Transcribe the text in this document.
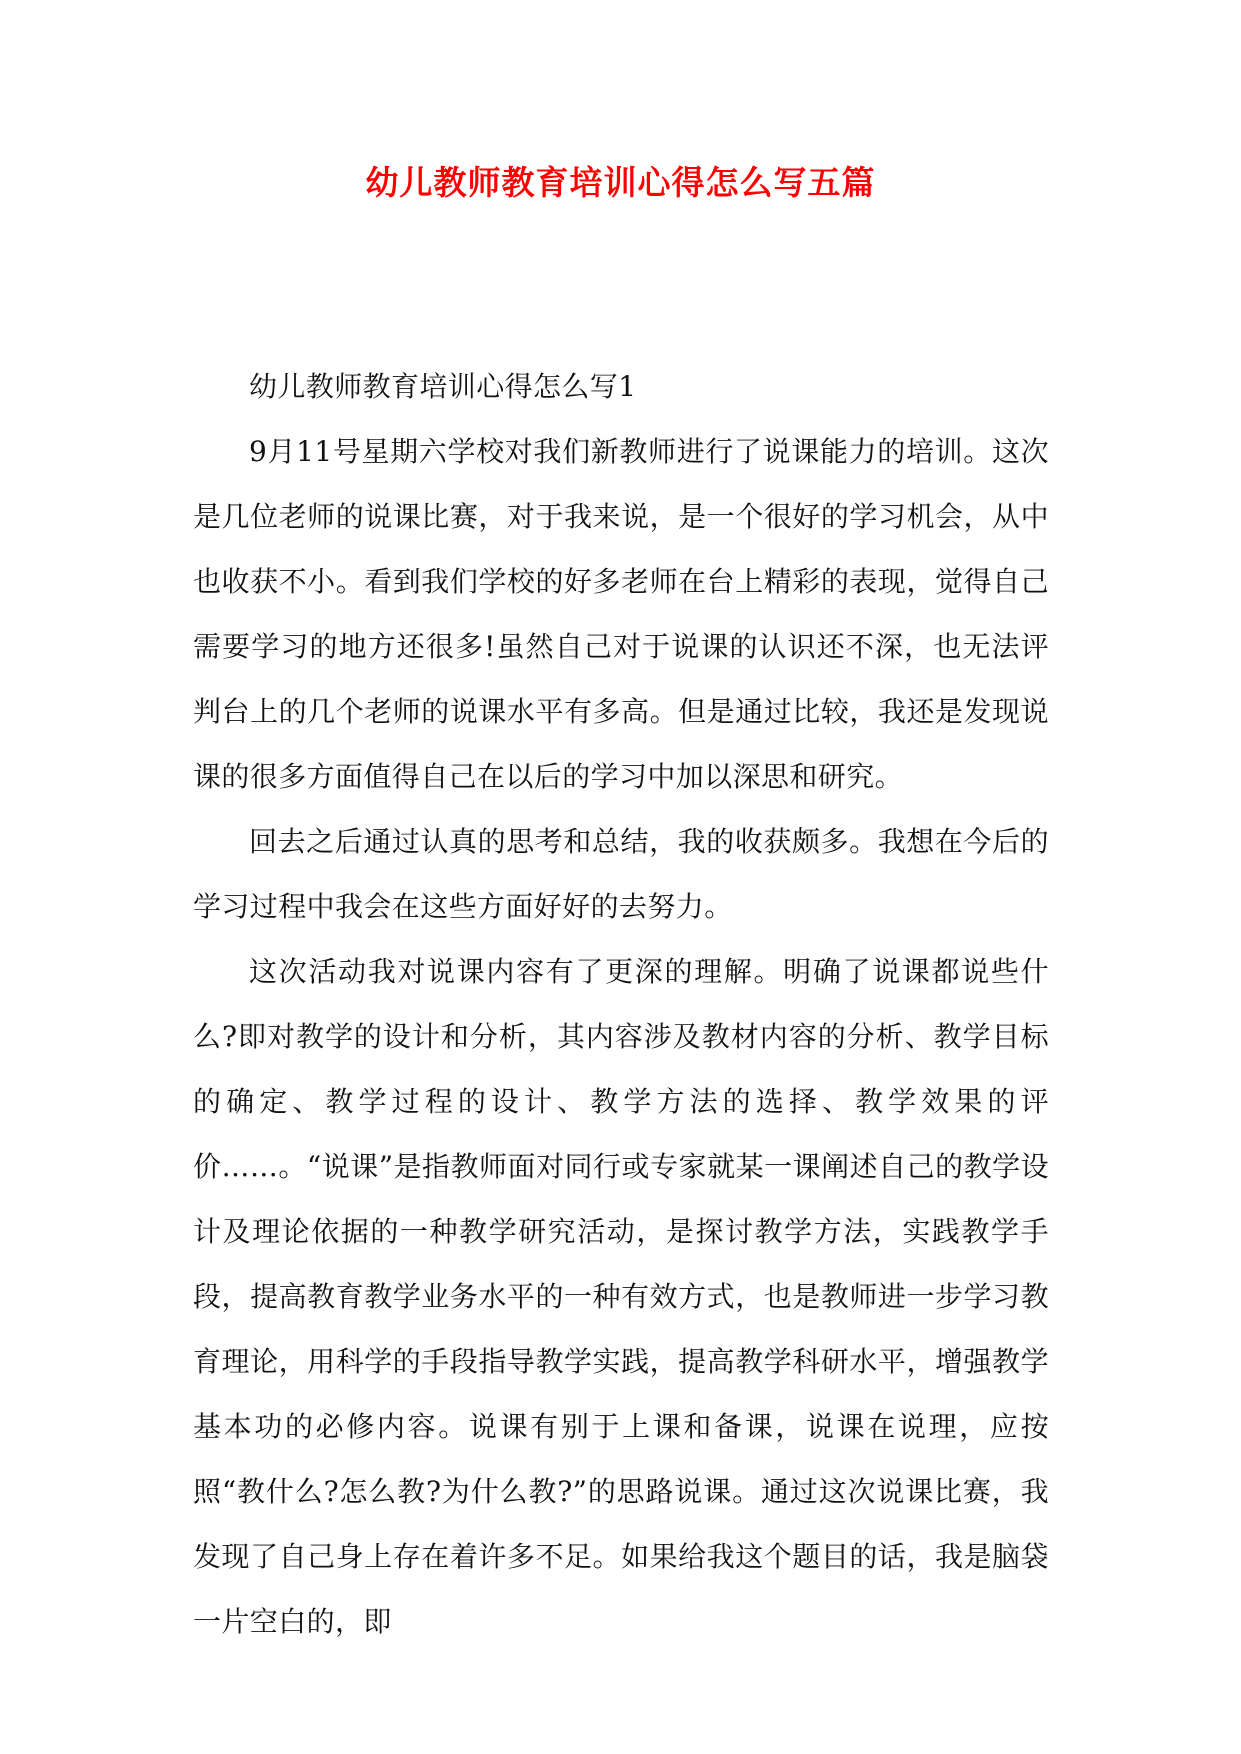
幼儿教师教育培训心得怎么写五篇

幼儿教师教育培训心得怎么写1

9月11号星期六学校对我们新教师进行了说课能力的培训。这次是几位老师的说课比赛，对于我来说，是一个很好的学习机会，从中也收获不小。看到我们学校的好多老师在台上精彩的表现，觉得自己需要学习的地方还很多!虽然自己对于说课的认识还不深，也无法评判台上的几个老师的说课水平有多高。但是通过比较，我还是发现说课的很多方面值得自己在以后的学习中加以深思和研究。

回去之后通过认真的思考和总结，我的收获颇多。我想在今后的学习过程中我会在这些方面好好的去努力。

这次活动我对说课内容有了更深的理解。明确了说课都说些什么?即对教学的设计和分析，其内容涉及教材内容的分析、教学目标的确定、教学过程的设计、教学方法的选择、教学效果的评价……。“说课”是指教师面对同行或专家就某一课阐述自己的教学设计及理论依据的一种教学研究活动，是探讨教学方法，实践教学手段，提高教育教学业务水平的一种有效方式，也是教师进一步学习教育理论，用科学的手段指导教学实践，提高教学科研水平，增强教学基本功的必修内容。说课有别于上课和备课，说课在说理，应按照“教什么?怎么教?为什么教?”的思路说课。通过这次说课比赛，我发现了自己身上存在着许多不足。如果给我这个题目的话，我是脑袋一片空白的，即
